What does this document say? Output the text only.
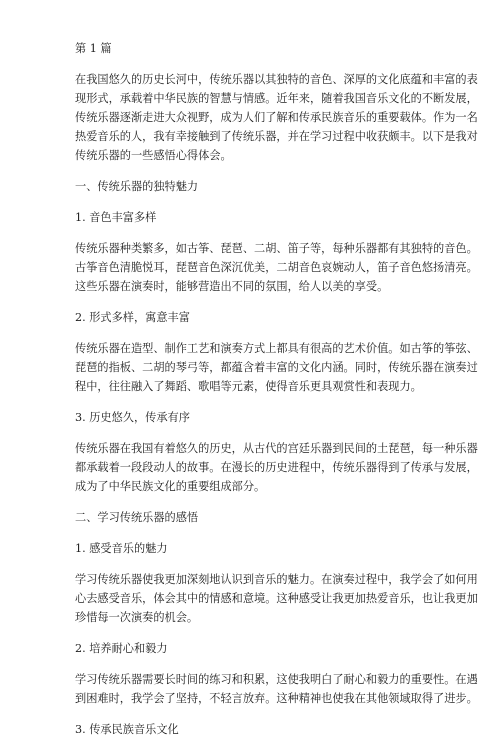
第 1 篇
在我国悠久的历史长河中，传统乐器以其独特的音色、深厚的文化底蕴和丰富的表
现形式，承载着中华民族的智慧与情感。近年来，随着我国音乐文化的不断发展，
传统乐器逐渐走进大众视野，成为人们了解和传承民族音乐的重要载体。作为一名
热爱音乐的人，我有幸接触到了传统乐器，并在学习过程中收获颇丰。以下是我对
传统乐器的一些感悟心得体会。
一、传统乐器的独特魅力
1. 音色丰富多样
传统乐器种类繁多，如古筝、琵琶、二胡、笛子等，每种乐器都有其独特的音色。
古筝音色清脆悦耳，琵琶音色深沉优美，二胡音色哀婉动人，笛子音色悠扬清亮。
这些乐器在演奏时，能够营造出不同的氛围，给人以美的享受。
2. 形式多样，寓意丰富
传统乐器在造型、制作工艺和演奏方式上都具有很高的艺术价值。如古筝的筝弦、
琵琶的指板、二胡的琴弓等，都蕴含着丰富的文化内涵。同时，传统乐器在演奏过
程中，往往融入了舞蹈、歌唱等元素，使得音乐更具观赏性和表现力。
3. 历史悠久，传承有序
传统乐器在我国有着悠久的历史，从古代的宫廷乐器到民间的土琵琶，每一种乐器
都承载着一段段动人的故事。在漫长的历史进程中，传统乐器得到了传承与发展，
成为了中华民族文化的重要组成部分。
二、学习传统乐器的感悟
1. 感受音乐的魅力
学习传统乐器使我更加深刻地认识到音乐的魅力。在演奏过程中，我学会了如何用
心去感受音乐，体会其中的情感和意境。这种感受让我更加热爱音乐，也让我更加
珍惜每一次演奏的机会。
2. 培养耐心和毅力
学习传统乐器需要长时间的练习和积累，这使我明白了耐心和毅力的重要性。在遇
到困难时，我学会了坚持，不轻言放弃。这种精神也使我在其他领域取得了进步。
3. 传承民族音乐文化
